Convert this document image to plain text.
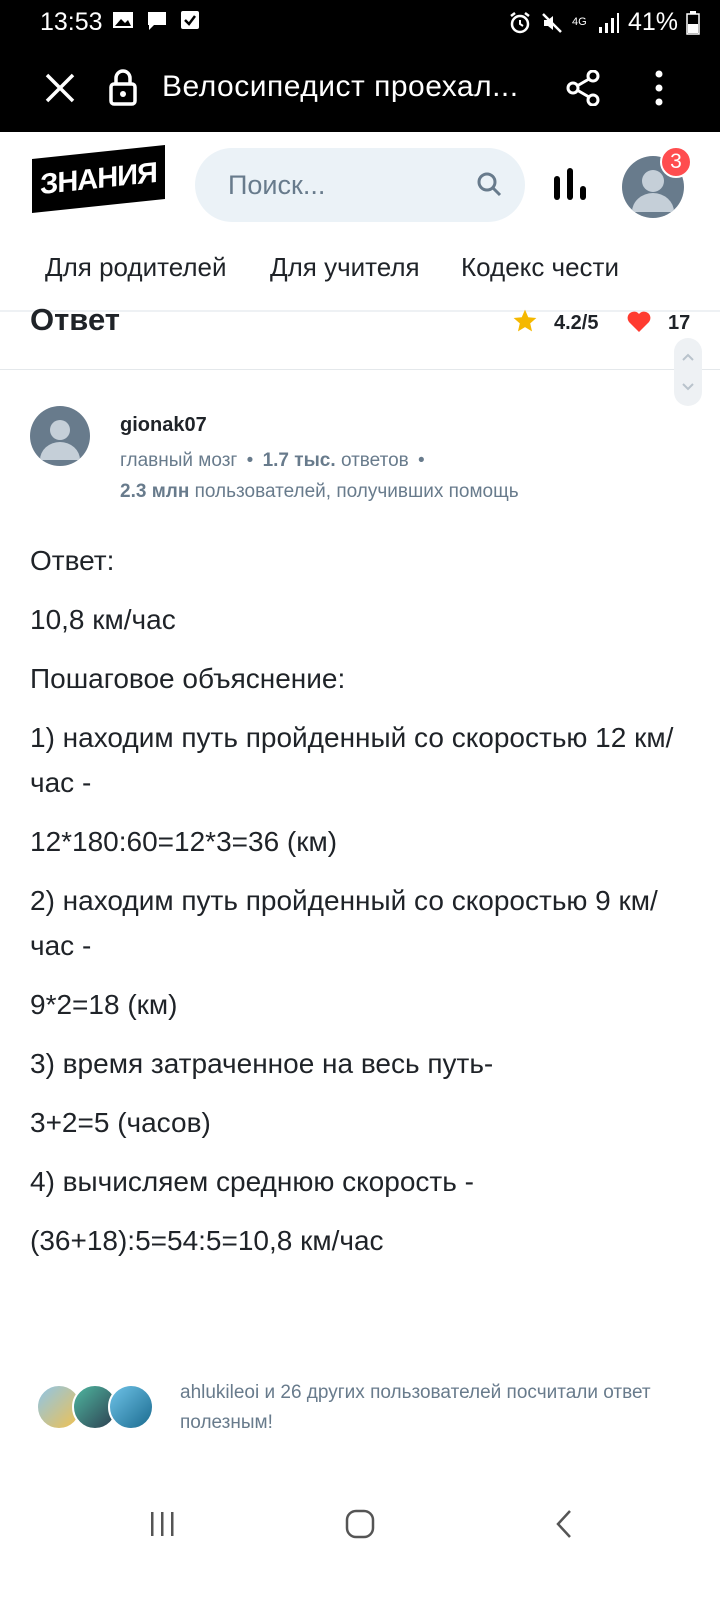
13:53	4G 41%
Велосипедист проехал...
ЗНАНИЯ	Поиск...
3
Для родителей Для учителя Кодекс чести
Ответ	4.2/5	17
gionak07
главный мозг • 1.7 тыс. ответов •
2.3 млн пользователей, получивших помощь

Ответ:

10,8 км/час

Пошаговое объяснение:

1) находим путь пройденный со скоростью 12 км/час -

12*180:60=12*3=36 (км)

2) находим путь пройденный со скоростью 9 км/час -

9*2=18 (км)

3) время затраченное на весь путь-

3+2=5 (часов)

4) вычисляем среднюю скорость -

(36+18):5=54:5=10,8 км/час

ahlukileoi и 26 других пользователей посчитали ответ полезным!
